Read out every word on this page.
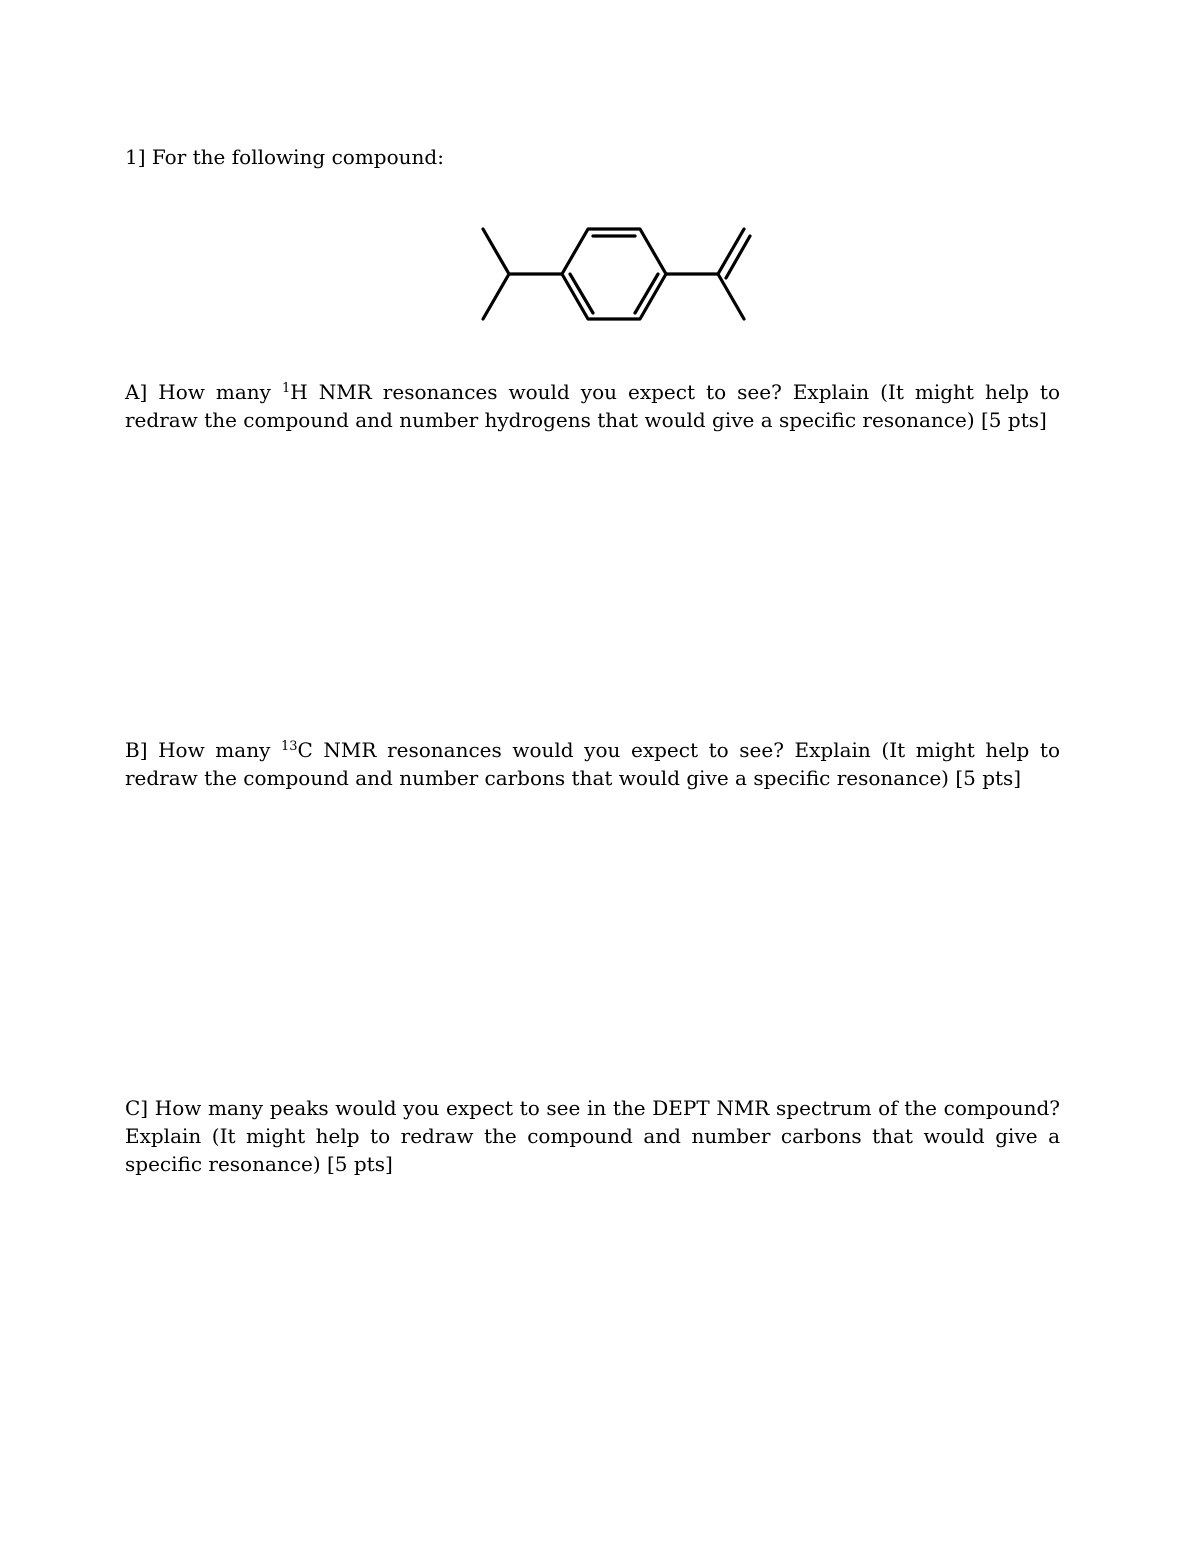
1] For the following compound:
A] How many $^1$H NMR resonances would you expect to see? Explain (It might help to redraw the compound and number hydrogens that would give a specific resonance) [5 pts]
B] How many $^{13}$C NMR resonances would you expect to see? Explain (It might help to redraw the compound and number carbons that would give a specific resonance) [5 pts]
C] How many peaks would you expect to see in the DEPT NMR spectrum of the compound? Explain (It might help to redraw the compound and number carbons that would give a specific resonance) [5 pts]
